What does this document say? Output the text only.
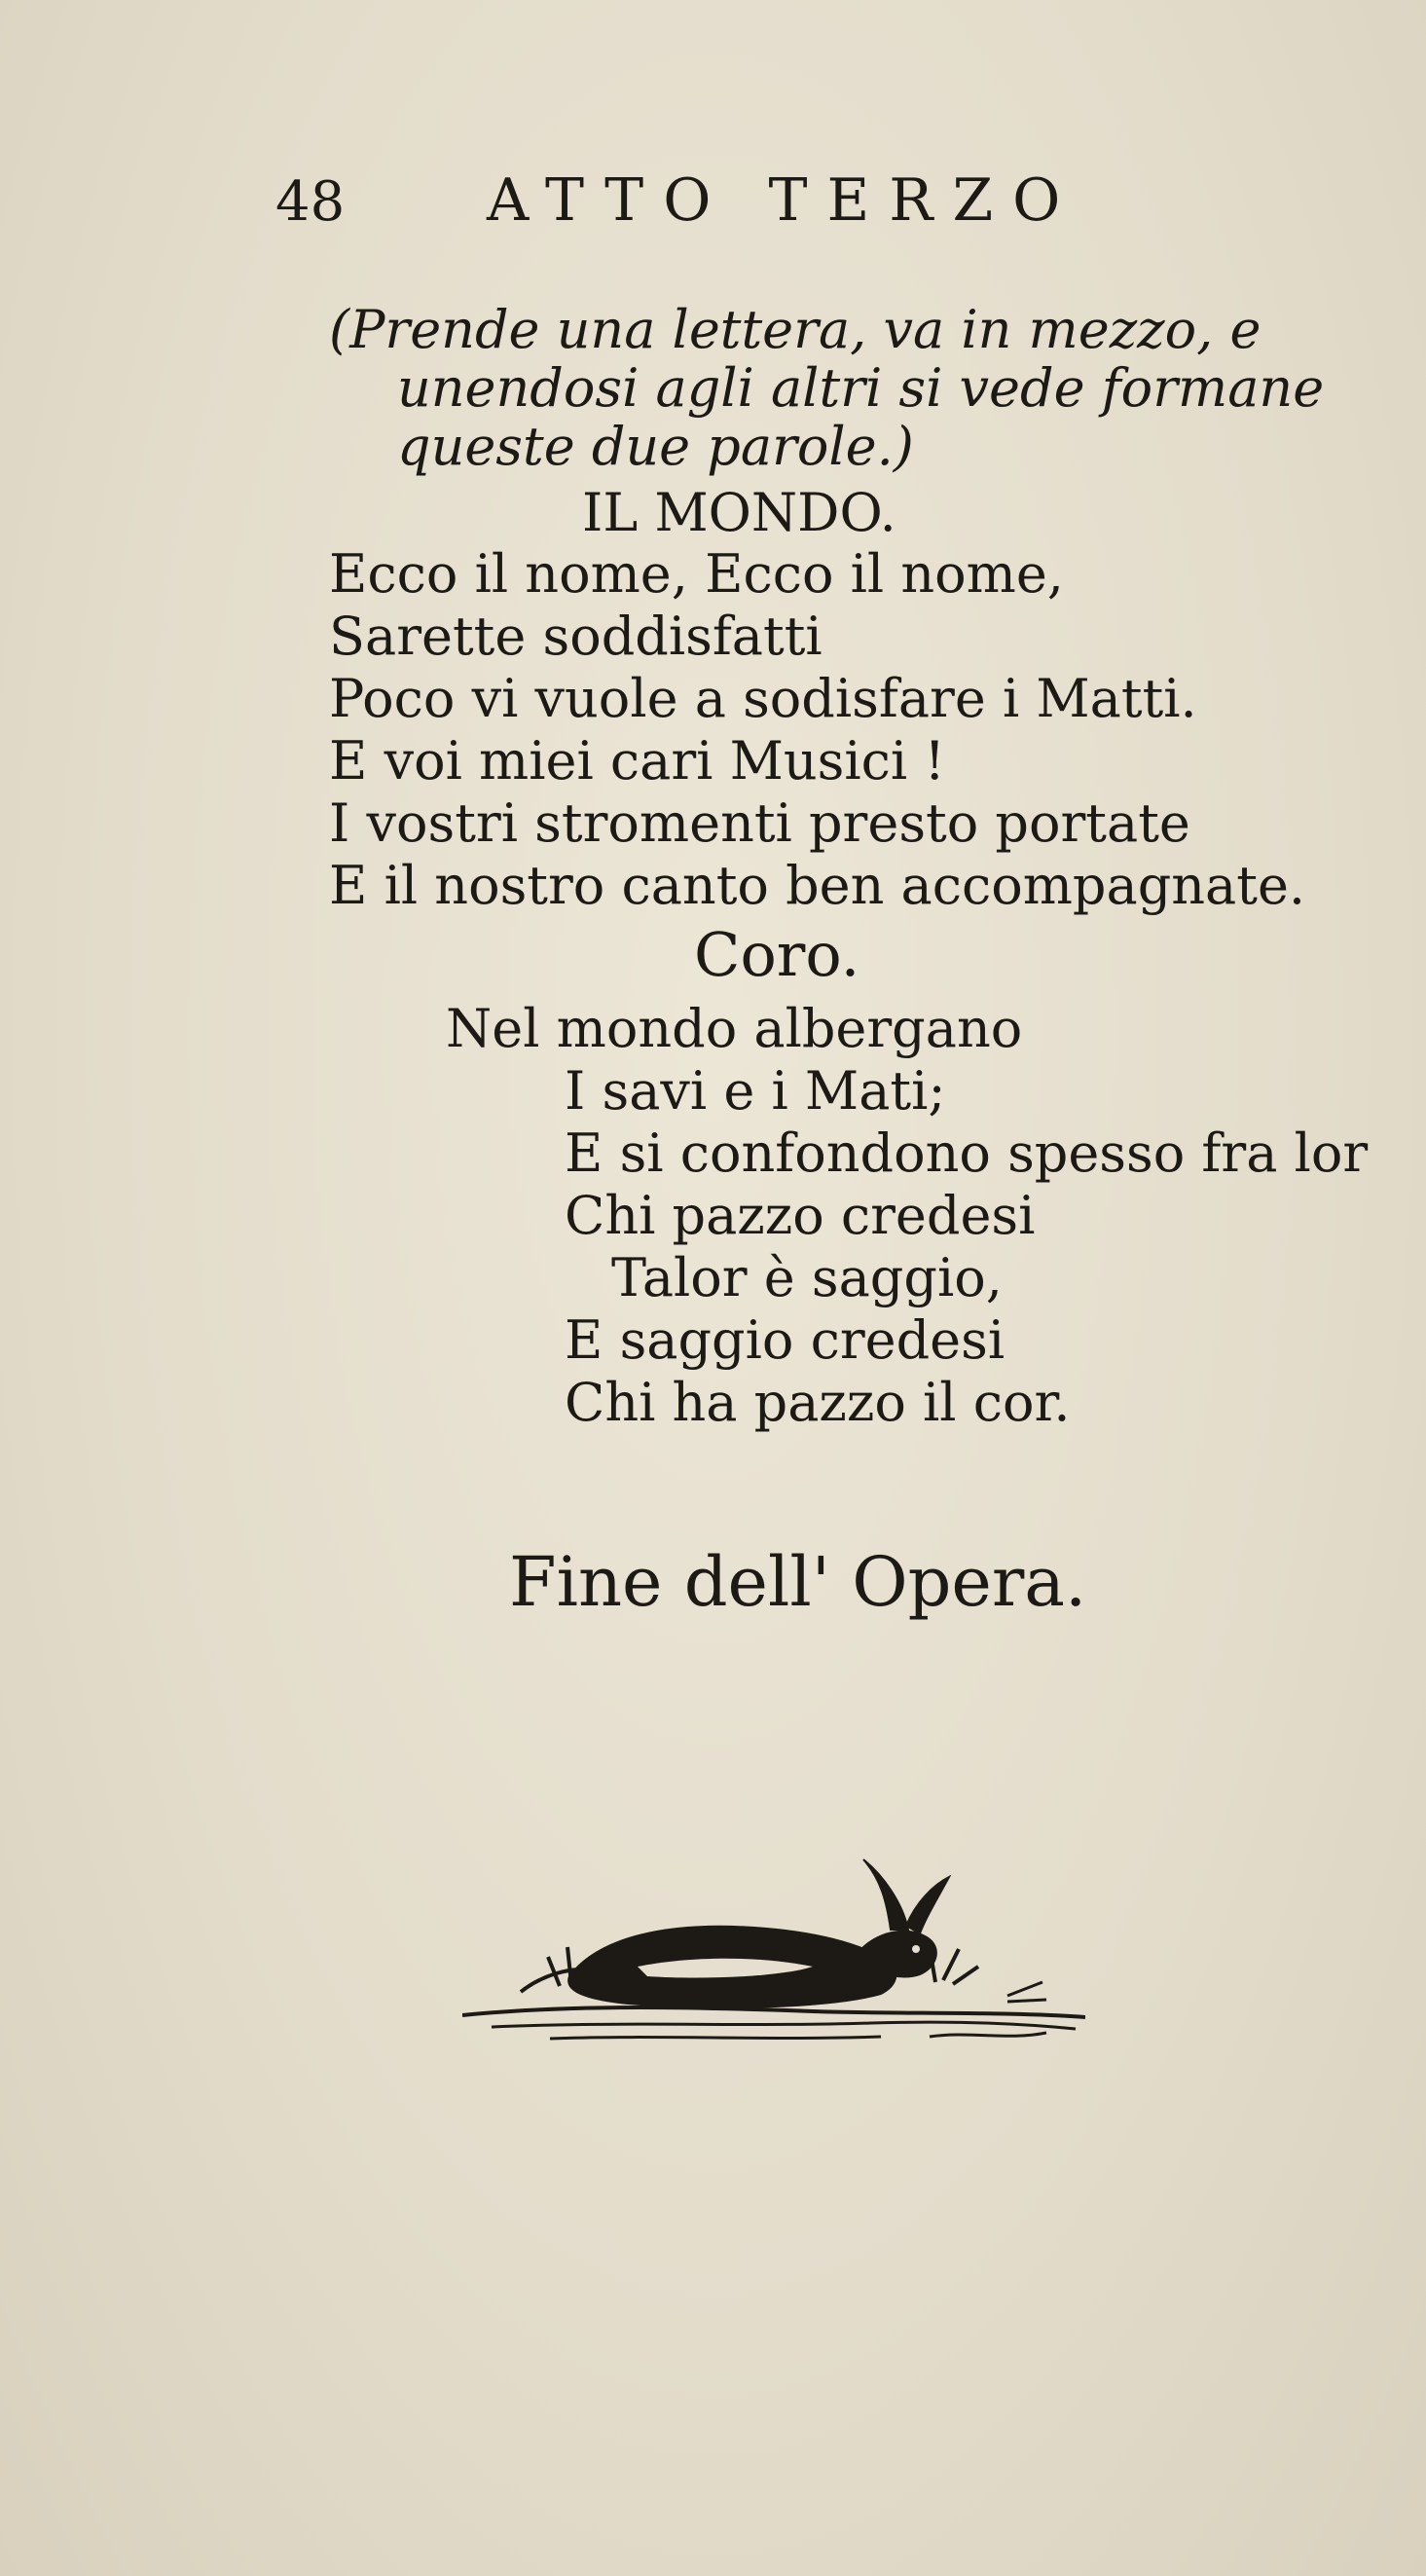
48 ATTO TERZO
(Prende una lettera, va in mezzo, e
unendosi agli altri si vede formane
queste due parole.)
IL MONDO.
Ecco il nome, Ecco il nome,
Sarette soddisfatti
Poco vi vuole a sodisfare i Matti.
E voi miei cari Musici !
I vostri stromenti presto portate
E il nostro canto ben accompagnate.
Coro.
Nel mondo albergano
I savi e i Mati;
E si confondono spesso fra lor
Chi pazzo credesi
Talor è saggio,
E saggio credesi
Chi ha pazzo il cor.
Fine dell' Opera.
